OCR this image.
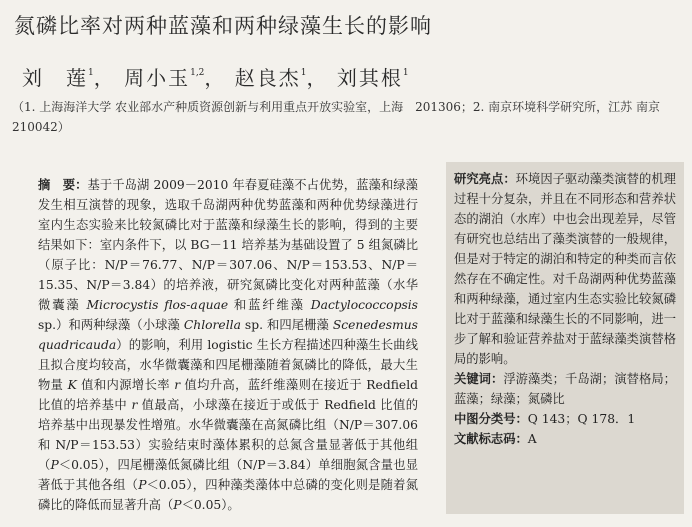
氮磷比率对两种蓝藻和两种绿藻生长的影响
刘　莲$^1$， 周小玉$^{1,2}$， 赵良杰$^1$， 刘其根$^1$
（1. 上海海洋大学 农业部水产种质资源创新与利用重点开放实验室，上海　201306；2. 南京环境科学研究所，江苏 南京　210042）
摘　要：基于千岛湖 2009－2010 年春夏硅藻不占优势，蓝藻和绿藻发生相互演替的现象，选取千岛湖两种优势蓝藻和两种优势绿藻进行室内生态实验来比较氮磷比对于蓝藻和绿藻生长的影响，得到的主要结果如下：室内条件下，以 BG－11 培养基为基础设置了 5 组氮磷比（原子比：N/P＝76.77、N/P＝307.06、N/P＝153.53、N/P＝15.35、N/P＝3.84）的培养液，研究氮磷比变化对两种蓝藻（水华微囊藻 Microcystis flos-aquae 和蓝纤维藻 Dactylococcopsis sp.）和两种绿藻（小球藻 Chlorella sp. 和四尾栅藻 Scenedesmus quadricauda）的影响，利用 logistic 生长方程描述四种藻生长曲线且拟合度均较高，水华微囊藻和四尾栅藻随着氮磷比的降低，最大生物量 K 值和内源增长率 r 值均升高，蓝纤维藻则在接近于 Redfield 比值的培养基中 r 值最高，小球藻在接近于或低于 Redfield 比值的培养基中出现暴发性增殖。水华微囊藻在高氮磷比组（N/P＝307.06 和 N/P＝153.53）实验结束时藻体累积的总氮含量显著低于其他组（P＜0.05），四尾栅藻低氮磷比组（N/P＝3.84）单细胞氮含量也显著低于其他各组（P＜0.05），四种藻类藻体中总磷的变化则是随着氮磷比的降低而显著升高（P＜0.05）。

研究亮点：环境因子驱动藻类演替的机理过程十分复杂，并且在不同形态和营养状态的湖泊（水库）中也会出现差异，尽管有研究也总结出了藻类演替的一般规律，但是对于特定的湖泊和特定的种类而言依然存在不确定性。对千岛湖两种优势蓝藻和两种绿藻，通过室内生态实验比较氮磷比对于蓝藻和绿藻生长的不同影响，进一步了解和验证营养盐对于蓝绿藻类演替格局的影响。

关键词：浮游藻类；千岛湖；演替格局；蓝藻；绿藻；氮磷比

中图分类号：Q 143；Q 178．1

文献标志码：A
